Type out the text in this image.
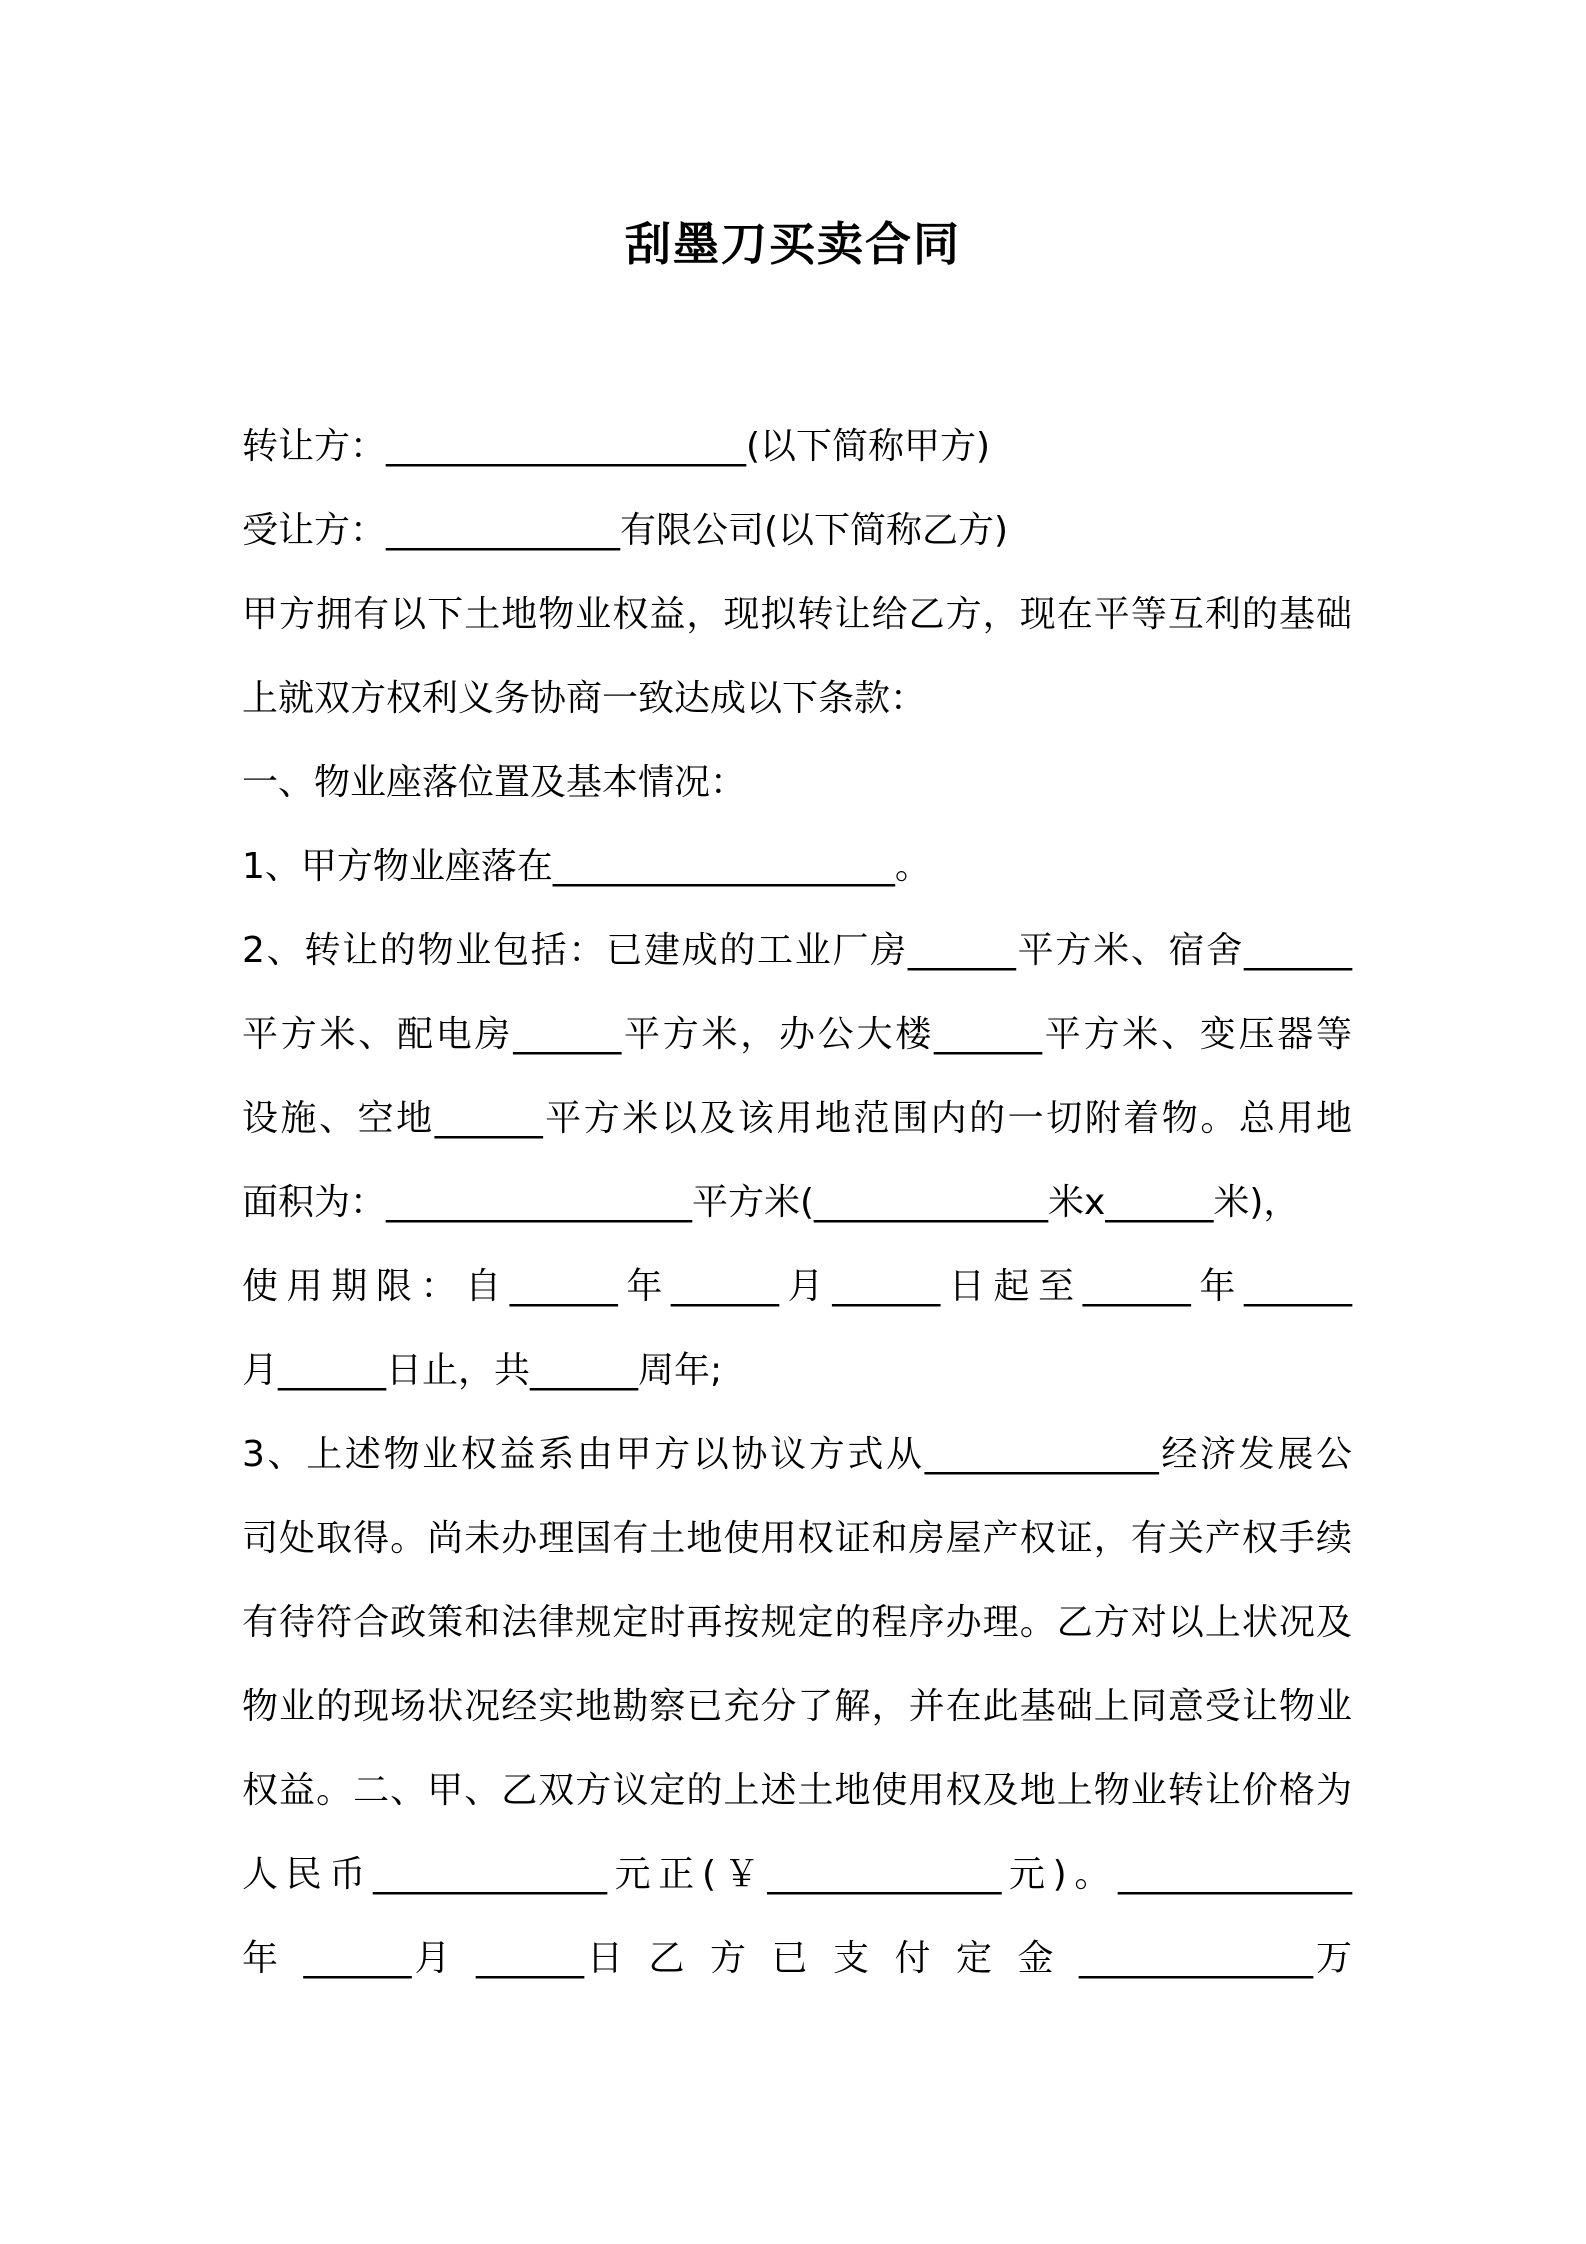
刮墨刀买卖合同

转让方：____________________(以下简称甲方)

受让方：_____________有限公司(以下简称乙方)

甲方拥有以下土地物业权益，现拟转让给乙方，现在平等互利的基础

上就双方权利义务协商一致达成以下条款：

一、物业座落位置及基本情况：

1、甲方物业座落在___________________。

2、转让的物业包括：已建成的工业厂房______平方米、宿舍______

平方米、配电房______平方米，办公大楼______平方米、变压器等

设施、空地______平方米以及该用地范围内的一切附着物。总用地

面积为：_________________平方米(_____________米x______米)，

使用期限：自______年______月______日起至______年______

月______日止，共______周年;

3、上述物业权益系由甲方以协议方式从_____________经济发展公

司处取得。尚未办理国有土地使用权证和房屋产权证，有关产权手续

有待符合政策和法律规定时再按规定的程序办理。乙方对以上状况及

物业的现场状况经实地勘察已充分了解，并在此基础上同意受让物业

权益。二、甲、乙双方议定的上述土地使用权及地上物业转让价格为

人民币_____________元正(￥_____________元)。_____________

年 ______月 ______日 乙 方 已 支 付 定 金 _____________万
